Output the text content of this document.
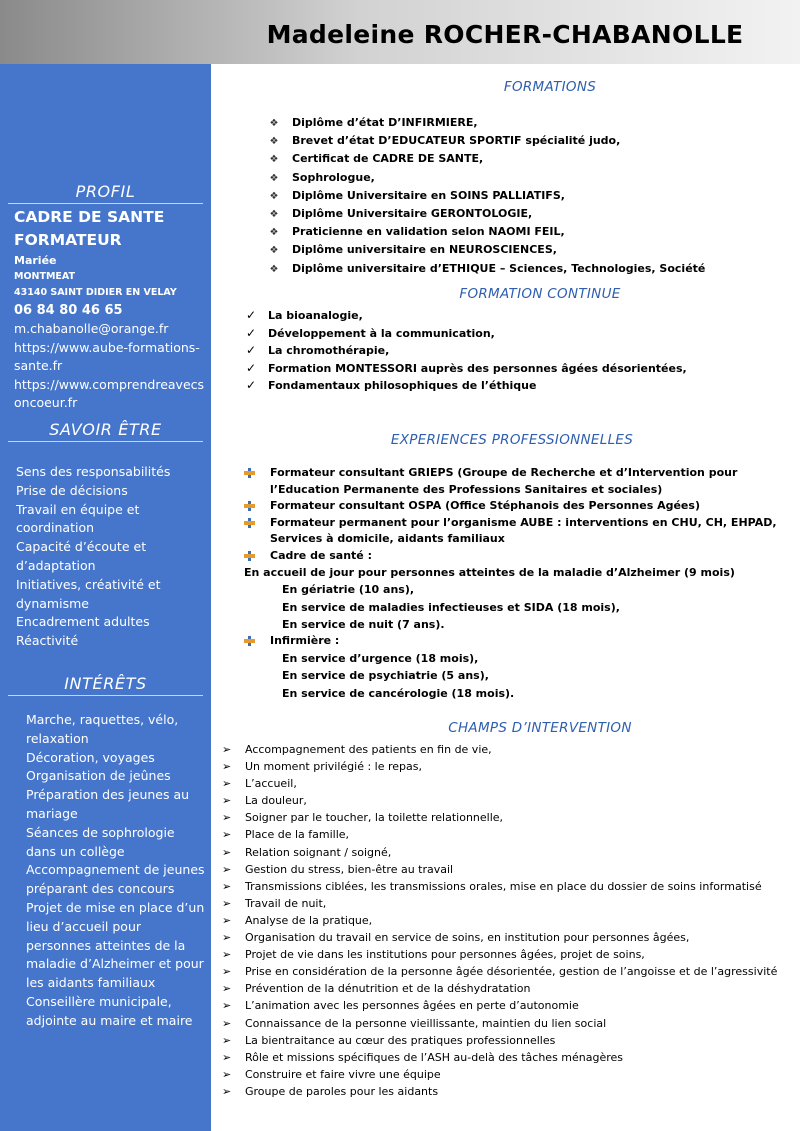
Madeleine ROCHER-CHABANOLLE
PROFIL
CADRE DE SANTE
FORMATEUR
Mariée
MONTMEAT
43140 SAINT DIDIER EN VELAY
06 84 80 46 65
m.chabanolle@orange.fr
https://www.aube-formations-sante.fr
https://www.comprendreavecsoncoeur.fr
SAVOIR ÊTRE
Sens des responsabilités
Prise de décisions
Travail en équipe et coordination
Capacité d’écoute et d’adaptation
Initiatives, créativité et dynamisme
Encadrement adultes
Réactivité
INTÉRÊTS
Marche, raquettes, vélo, relaxation
Décoration, voyages
Organisation de jeûnes
Préparation des jeunes au mariage
Séances de sophrologie dans un collège
Accompagnement de jeunes préparant des concours
Projet de mise en place d’un lieu d’accueil pour personnes atteintes de la maladie d’Alzheimer et pour les aidants familiaux
Conseillère municipale, adjointe au maire et maire
FORMATIONS
❖ Diplôme d’état D’INFIRMIERE,
❖ Brevet d’état D’EDUCATEUR SPORTIF spécialité judo,
❖ Certificat de CADRE DE SANTE,
❖ Sophrologue,
❖ Diplôme Universitaire en SOINS PALLIATIFS,
❖ Diplôme Universitaire GERONTOLOGIE,
❖ Praticienne en validation selon NAOMI FEIL,
❖ Diplôme universitaire en NEUROSCIENCES,
❖ Diplôme universitaire d’ETHIQUE – Sciences, Technologies, Société
FORMATION CONTINUE
✓ La bioanalogie,
✓ Développement à la communication,
✓ La chromothérapie,
✓ Formation MONTESSORI auprès des personnes âgées désorientées,
✓ Fondamentaux philosophiques de l’éthique
EXPERIENCES PROFESSIONNELLES
Formateur consultant GRIEPS (Groupe de Recherche et d’Intervention pour
l’Education Permanente des Professions Sanitaires et sociales)
Formateur consultant OSPA (Office Stéphanois des Personnes Agées)
Formateur permanent pour l’organisme AUBE : interventions en CHU, CH, EHPAD,
Services à domicile, aidants familiaux
Cadre de santé :
En accueil de jour pour personnes atteintes de la maladie d’Alzheimer (9 mois)
En gériatrie (10 ans),
En service de maladies infectieuses et SIDA (18 mois),
En service de nuit (7 ans).
Infirmière :
En service d’urgence (18 mois),
En service de psychiatrie (5 ans),
En service de cancérologie (18 mois).
CHAMPS D’INTERVENTION
➢ Accompagnement des patients en fin de vie,
➢ Un moment privilégié : le repas,
➢ L’accueil,
➢ La douleur,
➢ Soigner par le toucher, la toilette relationnelle,
➢ Place de la famille,
➢ Relation soignant / soigné,
➢ Gestion du stress, bien-être au travail
➢ Transmissions ciblées, les transmissions orales, mise en place du dossier de soins informatisé
➢ Travail de nuit,
➢ Analyse de la pratique,
➢ Organisation du travail en service de soins, en institution pour personnes âgées,
➢ Projet de vie dans les institutions pour personnes âgées, projet de soins,
➢ Prise en considération de la personne âgée désorientée, gestion de l’angoisse et de l’agressivité
➢ Prévention de la dénutrition et de la déshydratation
➢ L’animation avec les personnes âgées en perte d’autonomie
➢ Connaissance de la personne vieillissante, maintien du lien social
➢ La bientraitance au cœur des pratiques professionnelles
➢ Rôle et missions spécifiques de l’ASH au-delà des tâches ménagères
➢ Construire et faire vivre une équipe
➢ Groupe de paroles pour les aidants
